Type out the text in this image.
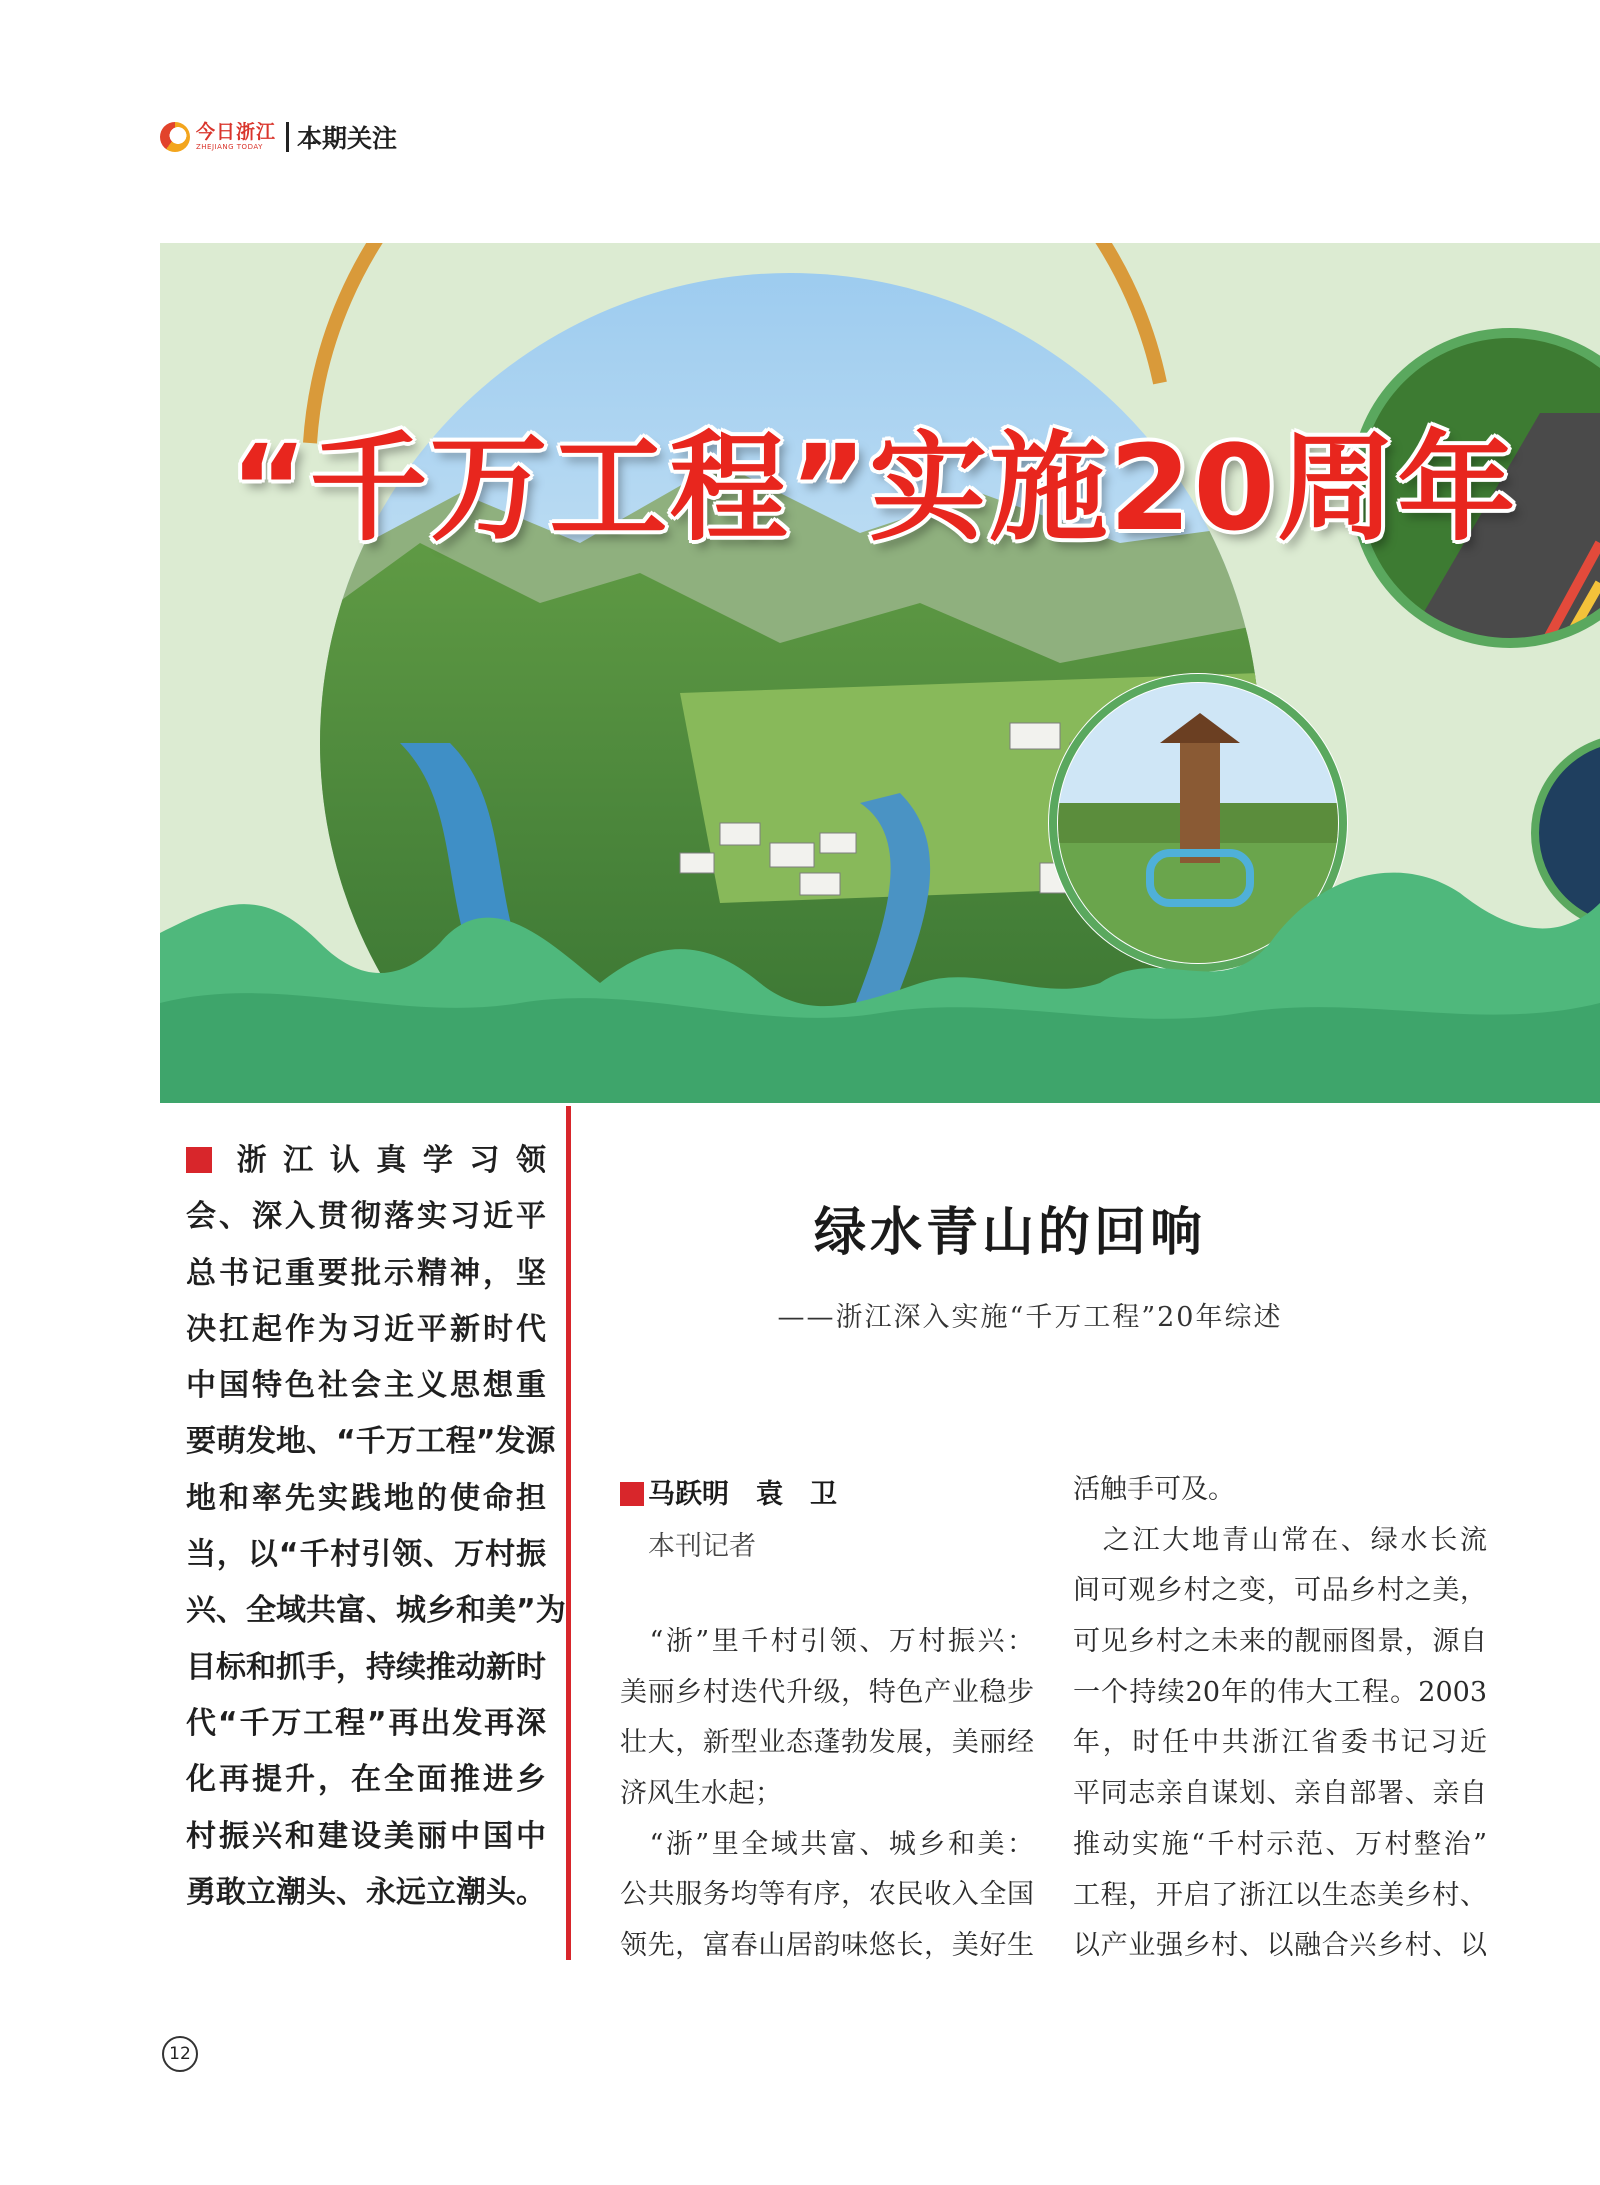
今日浙江
ZHEJIANG TODAY	本期关注
“千万工程”实施20周年
浙江认真学习领
会、深入贯彻落实习近平
总书记重要批示精神，坚
决扛起作为习近平新时代
中国特色社会主义思想重
要萌发地、“千万工程”发源
地和率先实践地的使命担
当，以“千村引领、万村振
兴、全域共富、城乡和美”为
目标和抓手，持续推动新时
代“千万工程”再出发再深
化再提升，在全面推进乡
村振兴和建设美丽中国中
勇敢立潮头、永远立潮头。
绿水青山的回响

——浙江深入实施“千万工程”20年综述

马跃明　袁　卫
本刊记者
　“浙”里千村引领、万村振兴：
美丽乡村迭代升级，特色产业稳步
壮大，新型业态蓬勃发展，美丽经
济风生水起；
　“浙”里全域共富、城乡和美：
公共服务均等有序，农民收入全国
领先，富春山居韵味悠长，美好生
活触手可及。
　之江大地青山常在、绿水长流
间可观乡村之变，可品乡村之美，
可见乡村之未来的靓丽图景，源自
一个持续20年的伟大工程。2003
年，时任中共浙江省委书记习近
平同志亲自谋划、亲自部署、亲自
推动实施“千村示范、万村整治”
工程，开启了浙江以生态美乡村、
以产业强乡村、以融合兴乡村、以
12
